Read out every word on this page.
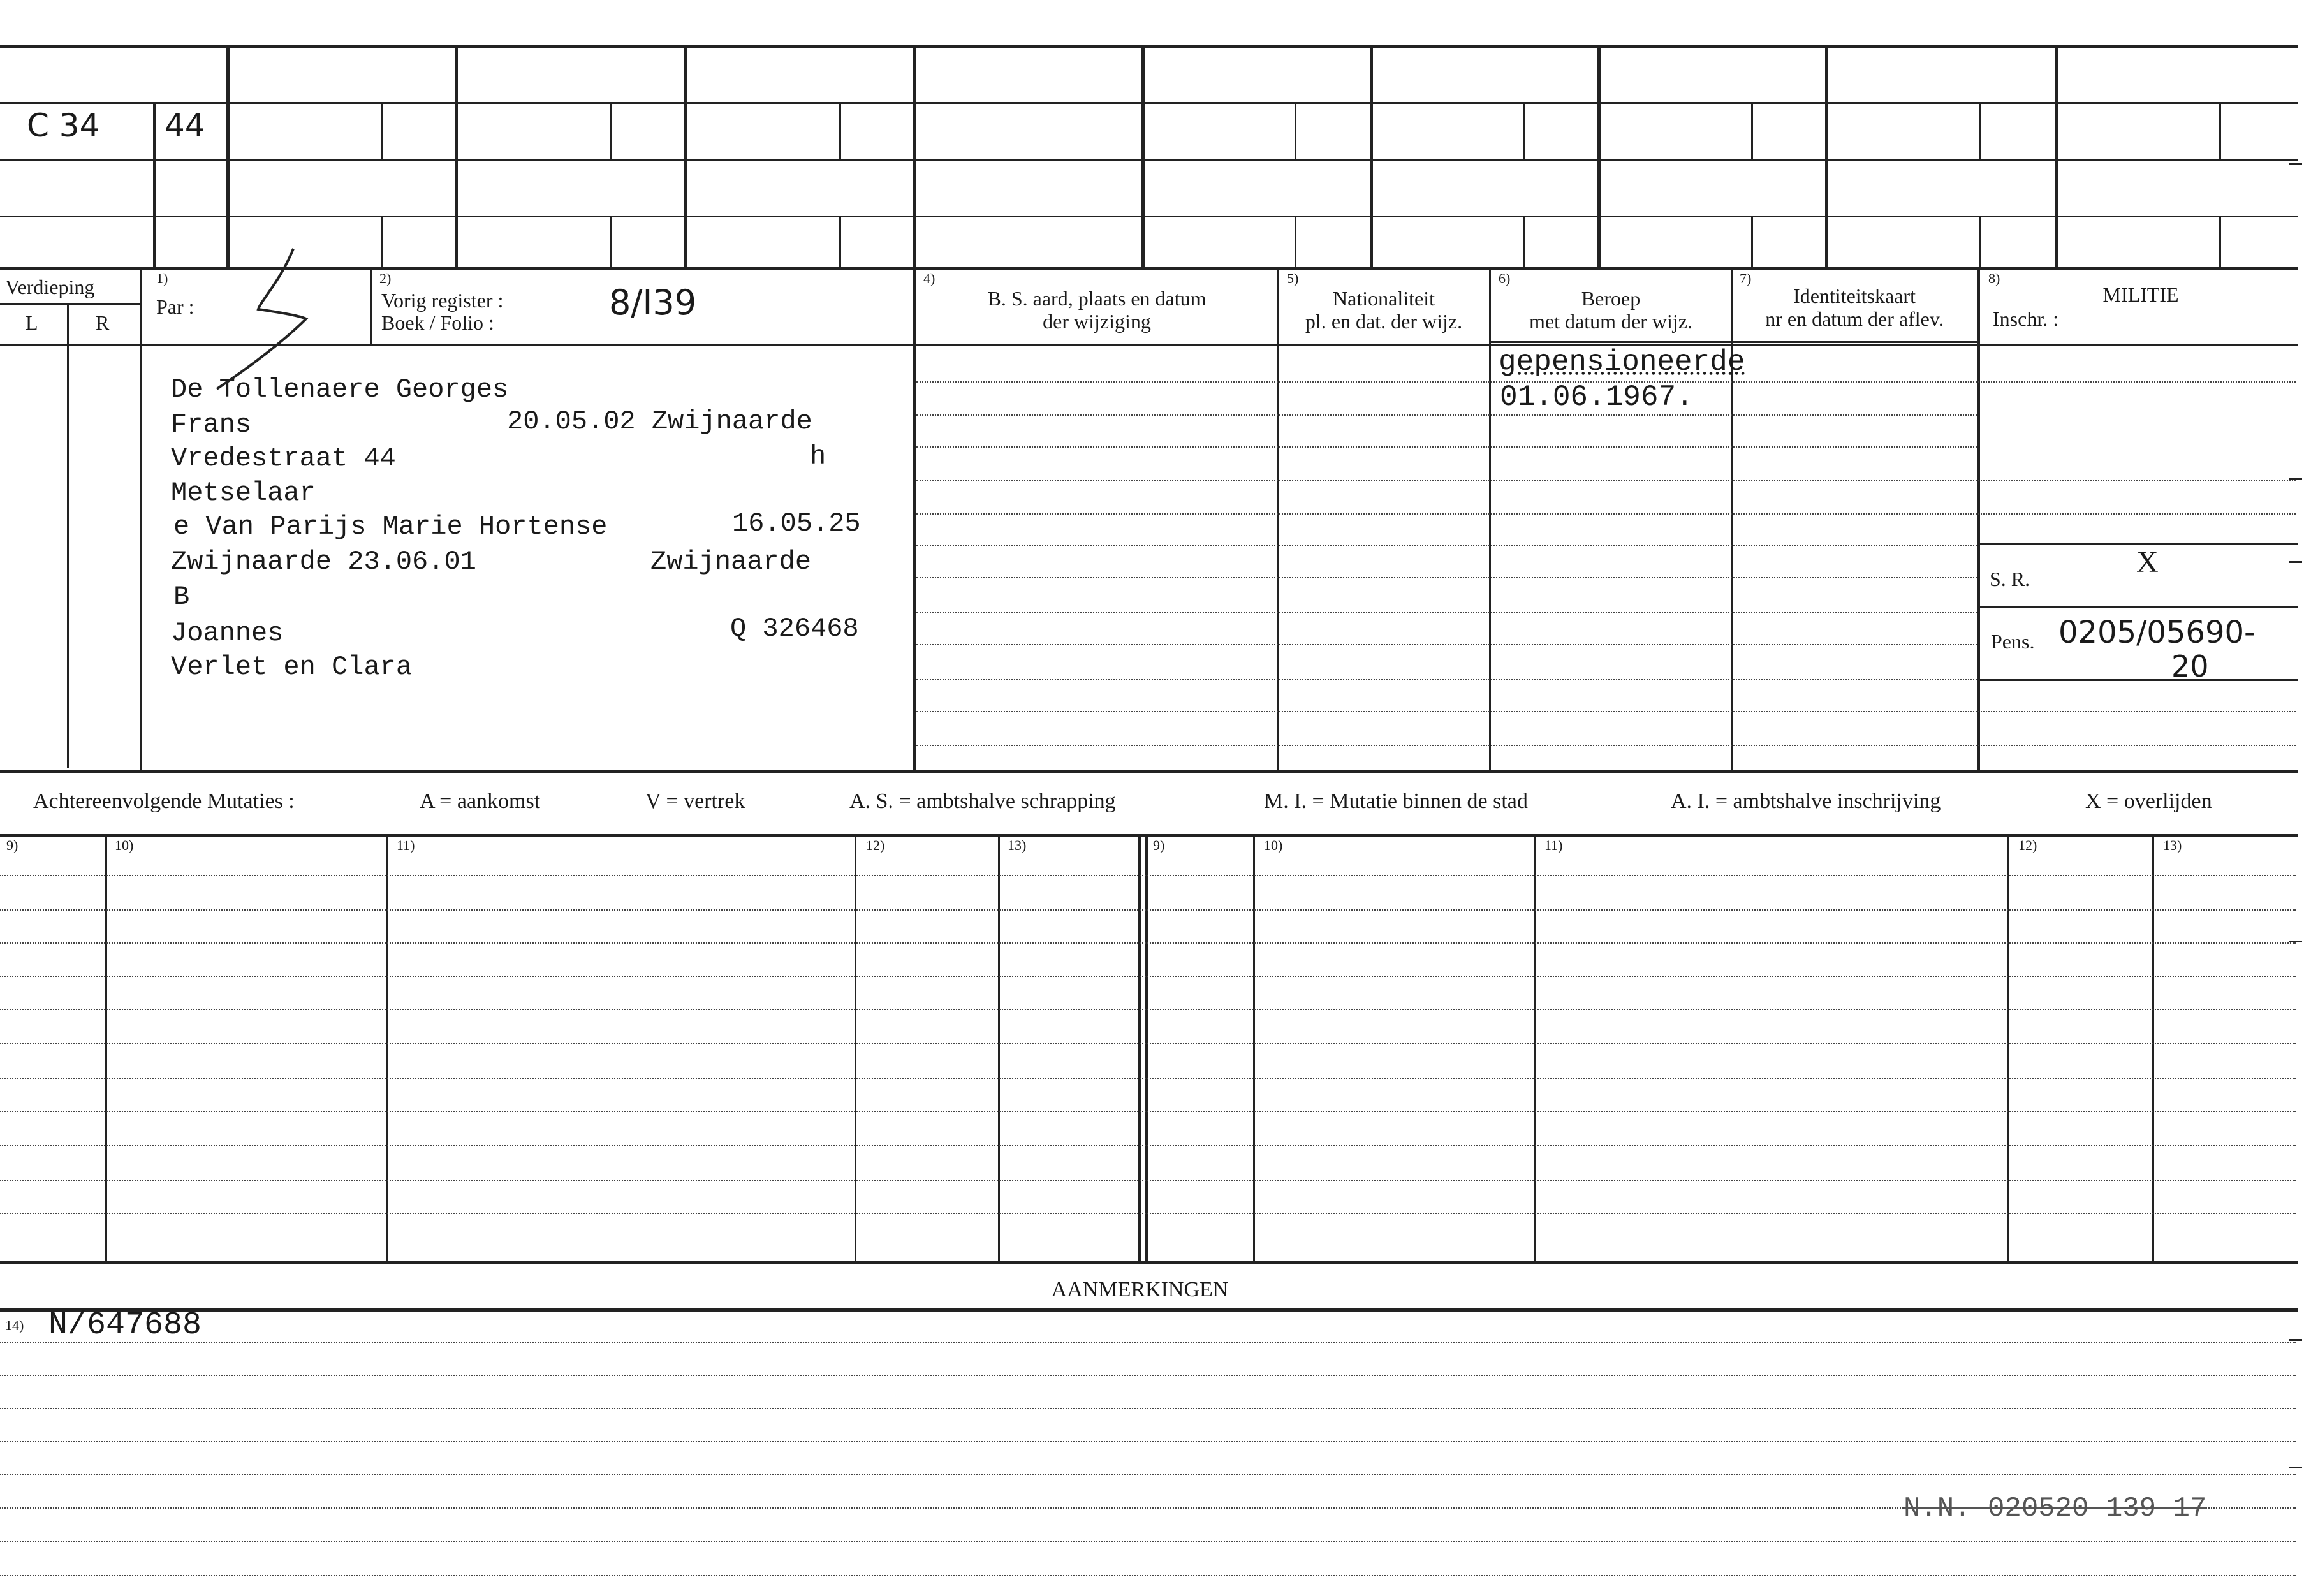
C 34 44
Verdieping
L	R
1)
Par :
2)
Vorig register :
Boek / Folio :	8/I39
4)
B. S. aard, plaats en datum
der wijziging
5)
Nationaliteit
pl. en dat. der wijz.
6)
Beroep
met datum der wijz.
7)
Identiteitskaart
nr en datum der aflev.
8)
MILITIE
Inschr. :
De Tollenaere Georges
Frans	20.05.02 Zwijnaarde
Vredestraat 44	h
Metselaar
e Van Parijs Marie Hortense	16.05.25
Zwijnaarde 23.06.01	Zwijnaarde
B
Joannes	Q 326468
Verlet en Clara
gepensioneerde
01.06.1967.
S. R.	X
Pens. 0205/05690-
20
Achtereenvolgende Mutaties :	A = aankomst	V = vertrek	A. S. = ambtshalve schrapping	M. I. = Mutatie binnen de stad	A. I. = ambtshalve inschrijving	X = overlijden
9)	10)	11)	12)	13)	9)	10)	11)	12)	13)
AANMERKINGEN
14) N/647688
N.N. 020520 139 17
